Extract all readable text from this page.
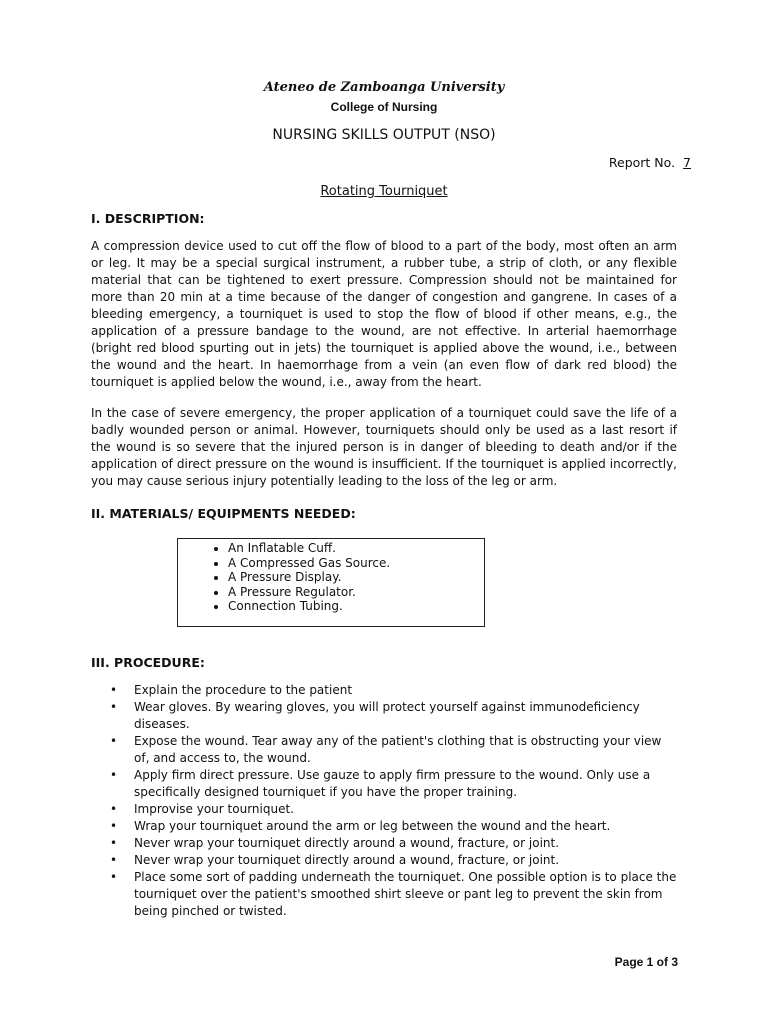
Ateneo de Zamboanga University
College of Nursing
NURSING SKILLS OUTPUT (NSO)
Report No. 7
Rotating Tourniquet
I. DESCRIPTION:

A compression device used to cut off the flow of blood to a part of the body, most often an arm or leg. It may be a special surgical instrument, a rubber tube, a strip of cloth, or any flexible material that can be tightened to exert pressure. Compression should not be maintained for more than 20 min at a time because of the danger of congestion and gangrene. In cases of a bleeding emergency, a tourniquet is used to stop the flow of blood if other means, e.g., the application of a pressure bandage to the wound, are not effective. In arterial haemorrhage (bright red blood spurting out in jets) the tourniquet is applied above the wound, i.e., between the wound and the heart. In haemorrhage from a vein (an even flow of dark red blood) the tourniquet is applied below the wound, i.e., away from the heart.

In the case of severe emergency, the proper application of a tourniquet could save the life of a badly wounded person or animal. However, tourniquets should only be used as a last resort if the wound is so severe that the injured person is in danger of bleeding to death and/or if the application of direct pressure on the wound is insufficient. If the tourniquet is applied incorrectly, you may cause serious injury potentially leading to the loss of the leg or arm.

II. MATERIALS/ EQUIPMENTS NEEDED:
• An Inflatable Cuff.
• A Compressed Gas Source.
• A Pressure Display.
• A Pressure Regulator.
• Connection Tubing.
III. PROCEDURE:
• Explain the procedure to the patient
• Wear gloves. By wearing gloves, you will protect yourself against immunodeficiency diseases.
• Expose the wound. Tear away any of the patient's clothing that is obstructing your view of, and access to, the wound.
• Apply firm direct pressure. Use gauze to apply firm pressure to the wound. Only use a specifically designed tourniquet if you have the proper training.
• Improvise your tourniquet.
• Wrap your tourniquet around the arm or leg between the wound and the heart.
• Never wrap your tourniquet directly around a wound, fracture, or joint.
• Never wrap your tourniquet directly around a wound, fracture, or joint.
• Place some sort of padding underneath the tourniquet. One possible option is to place the tourniquet over the patient's smoothed shirt sleeve or pant leg to prevent the skin from being pinched or twisted.
Page 1 of 3
